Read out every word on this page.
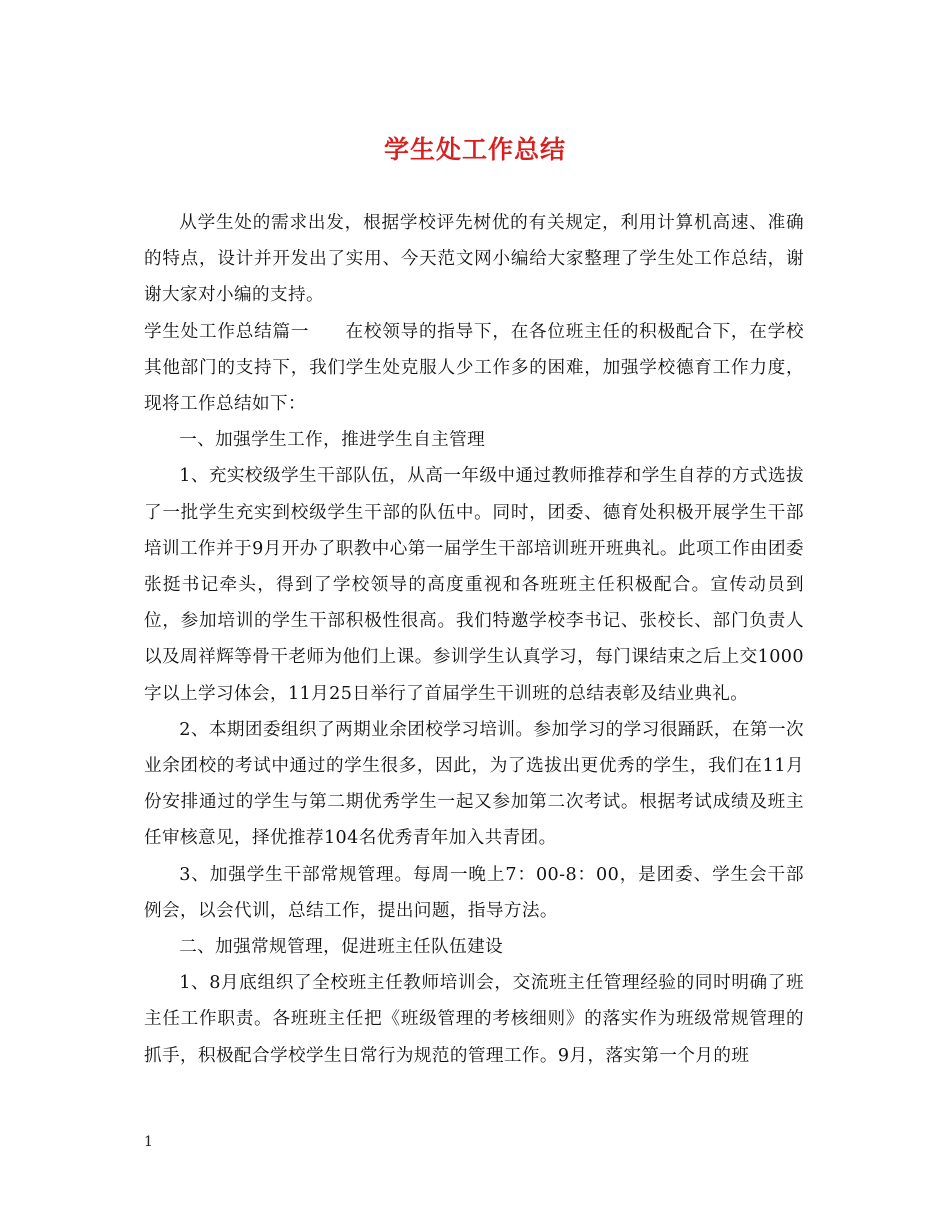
学生处工作总结

从学生处的需求出发，根据学校评先树优的有关规定，利用计算机高速、准确的特点，设计并开发出了实用、今天范文网小编给大家整理了学生处工作总结，谢谢大家对小编的支持。

学生处工作总结篇一 在校领导的指导下，在各位班主任的积极配合下，在学校其他部门的支持下，我们学生处克服人少工作多的困难，加强学校德育工作力度，现将工作总结如下：

一、加强学生工作，推进学生自主管理

1、充实校级学生干部队伍，从高一年级中通过教师推荐和学生自荐的方式选拔了一批学生充实到校级学生干部的队伍中。同时，团委、德育处积极开展学生干部培训工作并于9月开办了职教中心第一届学生干部培训班开班典礼。此项工作由团委张挺书记牵头，得到了学校领导的高度重视和各班班主任积极配合。宣传动员到位，参加培训的学生干部积极性很高。我们特邀学校李书记、张校长、部门负责人以及周祥辉等骨干老师为他们上课。参训学生认真学习，每门课结束之后上交1000字以上学习体会，11月25日举行了首届学生干训班的总结表彰及结业典礼。

2、本期团委组织了两期业余团校学习培训。参加学习的学习很踊跃，在第一次业余团校的考试中通过的学生很多，因此，为了选拔出更优秀的学生，我们在11月份安排通过的学生与第二期优秀学生一起又参加第二次考试。根据考试成绩及班主任审核意见，择优推荐104名优秀青年加入共青团。

3、加强学生干部常规管理。每周一晚上7：00-8：00，是团委、学生会干部例会，以会代训，总结工作，提出问题，指导方法。

二、加强常规管理，促进班主任队伍建设

1、8月底组织了全校班主任教师培训会，交流班主任管理经验的同时明确了班主任工作职责。各班班主任把《班级管理的考核细则》的落实作为班级常规管理的抓手，积极配合学校学生日常行为规范的管理工作。9月，落实第一个月的班

1
